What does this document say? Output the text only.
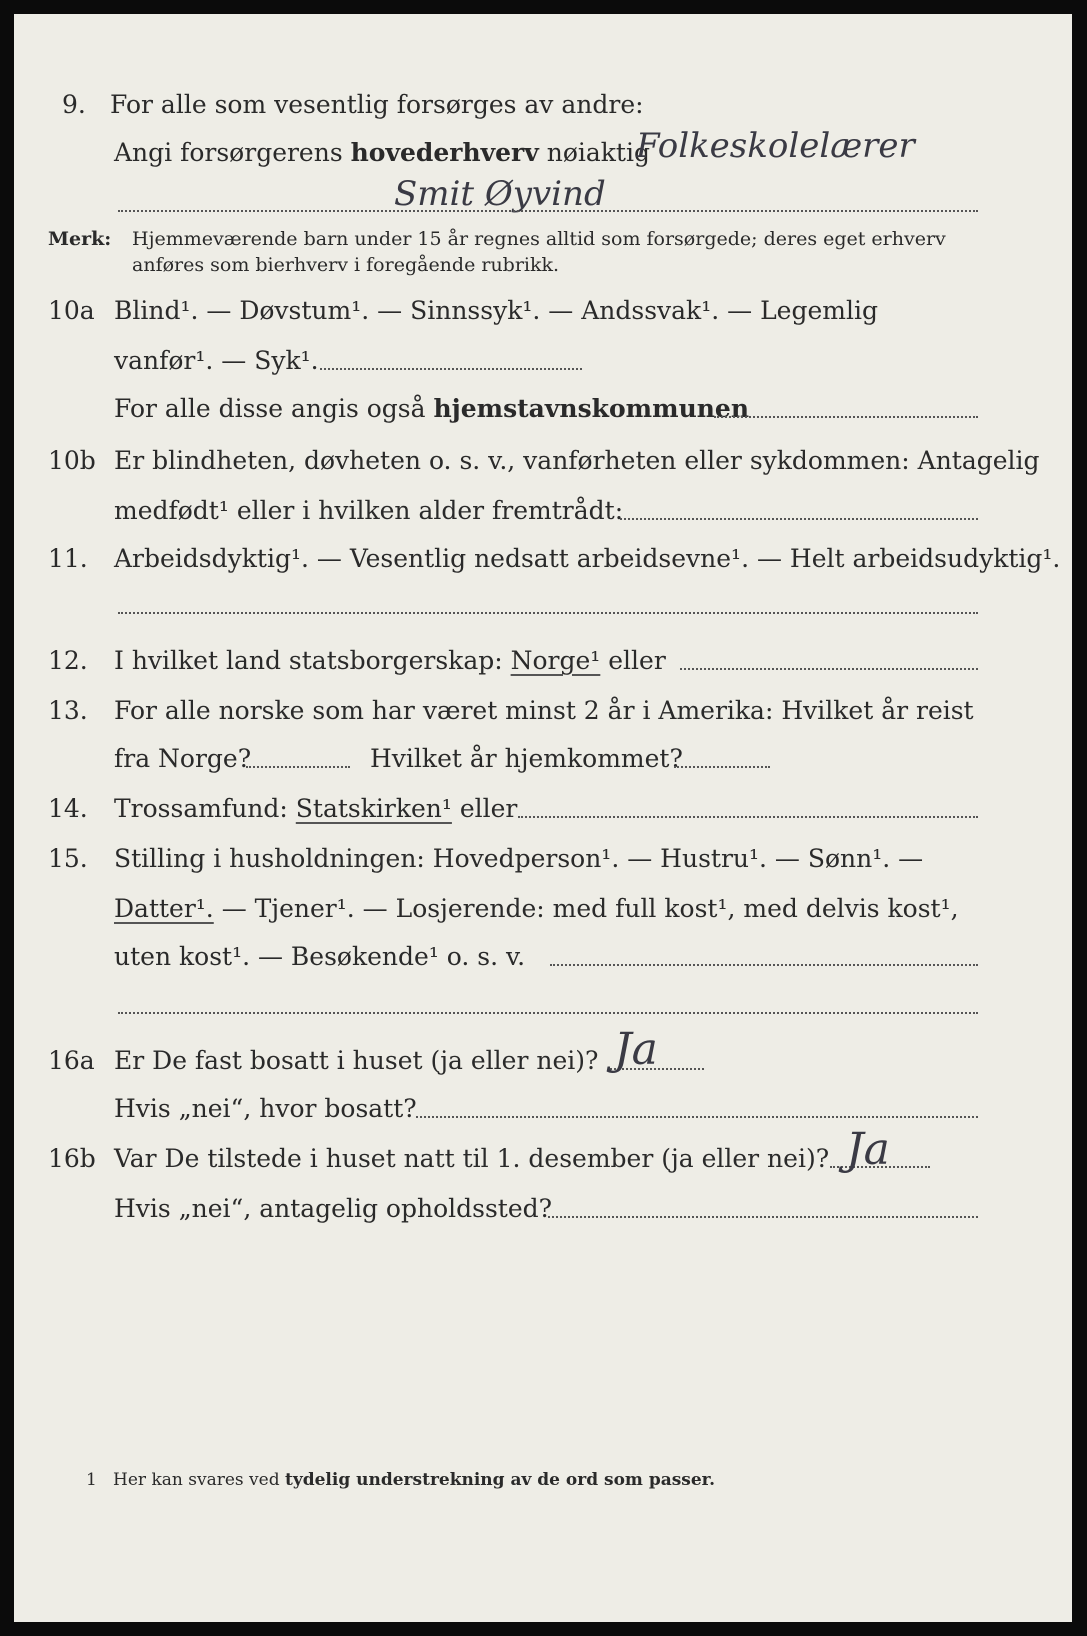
9. For alle som vesentlig forsørges av andre:
Angi forsørgerens hovederhverv nøiaktig
Folkeskolelærer
Smit Øyvind
Merk: Hjemmeværende barn under 15 år regnes alltid som forsørgede; deres eget erhverv
anføres som bierhverv i foregående rubrikk.
10a Blind¹. — Døvstum¹. — Sinnssyk¹. — Andssvak¹. — Legemlig
vanfør¹. — Syk¹.
For alle disse angis også hjemstavnskommunen
10b Er blindheten, døvheten o. s. v., vanførheten eller sykdommen: Antagelig
medfødt¹ eller i hvilken alder fremtrådt:
11. Arbeidsdyktig¹. — Vesentlig nedsatt arbeidsevne¹. — Helt arbeidsudyktig¹.
12. I hvilket land statsborgerskap: Norge¹ eller
13. For alle norske som har været minst 2 år i Amerika: Hvilket år reist
fra Norge?	Hvilket år hjemkommet?
14. Trossamfund: Statskirken¹ eller
15. Stilling i husholdningen: Hovedperson¹. — Hustru¹. — Sønn¹. —
Datter¹. — Tjener¹. — Losjerende: med full kost¹, med delvis kost¹,
uten kost¹. — Besøkende¹ o. s. v.
16a Er De fast bosatt i huset (ja eller nei)? Ja
Hvis „nei“, hvor bosatt?
16b Var De tilstede i huset natt til 1. desember (ja eller nei)? Ja
Hvis „nei“, antagelig opholdssted?
1 Her kan svares ved tydelig understrekning av de ord som passer.
